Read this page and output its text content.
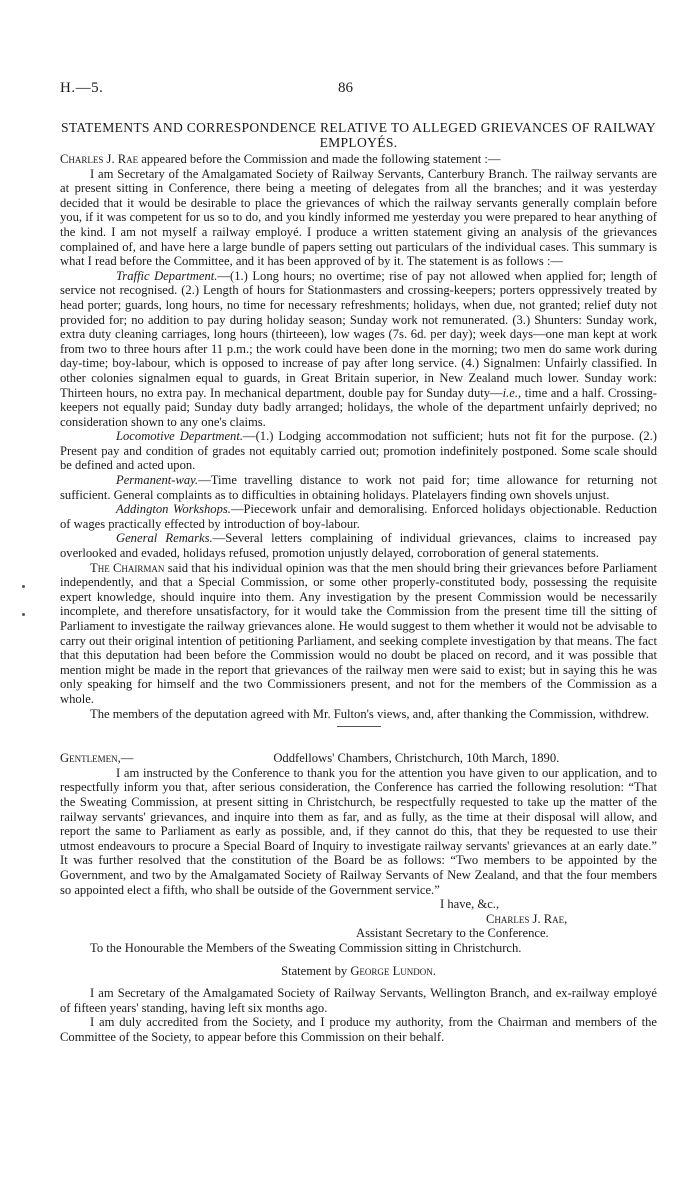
H.—5.	86
STATEMENTS AND CORRESPONDENCE RELATIVE TO ALLEGED GRIEVANCES OF RAILWAY EMPLOYÉS.

Charles J. Rae appeared before the Commission and made the following statement :—

I am Secretary of the Amalgamated Society of Railway Servants, Canterbury Branch. The railway servants are at present sitting in Conference, there being a meeting of delegates from all the branches; and it was yesterday decided that it would be desirable to place the grievances of which the railway servants generally complain before you, if it was competent for us so to do, and you kindly informed me yesterday you were prepared to hear anything of the kind. I am not myself a railway employé. I produce a written statement giving an analysis of the grievances complained of, and have here a large bundle of papers setting out particulars of the individual cases. This summary is what I read before the Committee, and it has been approved of by it. The statement is as follows :—

Traffic Department.—(1.) Long hours; no overtime; rise of pay not allowed when applied for; length of service not recognised. (2.) Length of hours for Stationmasters and crossing-keepers; porters oppressively treated by head porter; guards, long hours, no time for necessary refreshments; holidays, when due, not granted; relief duty not provided for; no addition to pay during holiday season; Sunday work not remunerated. (3.) Shunters: Sunday work, extra duty cleaning carriages, long hours (thirteeen), low wages (7s. 6d. per day); week days—one man kept at work from two to three hours after 11 p.m.; the work could have been done in the morning; two men do same work during day-time; boy-labour, which is opposed to increase of pay after long service. (4.) Signalmen: Unfairly classified. In other colonies signalmen equal to guards, in Great Britain superior, in New Zealand much lower. Sunday work: Thirteen hours, no extra pay. In mechanical department, double pay for Sunday duty—i.e., time and a half. Crossing-keepers not equally paid; Sunday duty badly arranged; holidays, the whole of the department unfairly deprived; no consideration shown to any one's claims.

Locomotive Department.—(1.) Lodging accommodation not sufficient; huts not fit for the purpose. (2.) Present pay and condition of grades not equitably carried out; promotion indefinitely postponed. Some scale should be defined and acted upon.

Permanent-way.—Time travelling distance to work not paid for; time allowance for returning not sufficient. General complaints as to difficulties in obtaining holidays. Platelayers finding own shovels unjust.

Addington Workshops.—Piecework unfair and demoralising. Enforced holidays objectionable. Reduction of wages practically effected by introduction of boy-labour.

General Remarks.—Several letters complaining of individual grievances, claims to increased pay overlooked and evaded, holidays refused, promotion unjustly delayed, corroboration of general statements.

The Chairman said that his individual opinion was that the men should bring their grievances before Parliament independently, and that a Special Commission, or some other properly-constituted body, possessing the requisite expert knowledge, should inquire into them. Any investigation by the present Commission would be necessarily incomplete, and therefore unsatisfactory, for it would take the Commission from the present time till the sitting of Parliament to investigate the railway grievances alone. He would suggest to them whether it would not be advisable to carry out their original intention of petitioning Parliament, and seeking complete investigation by that means. The fact that this deputation had been before the Commission would no doubt be placed on record, and it was possible that mention might be made in the report that grievances of the railway men were said to exist; but in saying this he was only speaking for himself and the two Commissioners present, and not for the members of the Commission as a whole.

The members of the deputation agreed with Mr. Fulton's views, and, after thanking the Commission, withdrew.

Gentlemen,—	Oddfellows' Chambers, Christchurch, 10th March, 1890.

I am instructed by the Conference to thank you for the attention you have given to our application, and to respectfully inform you that, after serious consideration, the Conference has carried the following resolution: “That the Sweating Commission, at present sitting in Christchurch, be respectfully requested to take up the matter of the railway servants' grievances, and inquire into them as far, and as fully, as the time at their disposal will allow, and report the same to Parliament as early as possible, and, if they cannot do this, that they be requested to use their utmost endeavours to procure a Special Board of Inquiry to investigate railway servants' grievances at an early date.” It was further resolved that the constitution of the Board be as follows: “Two members to be appointed by the Government, and two by the Amalgamated Society of Railway Servants of New Zealand, and that the four members so appointed elect a fifth, who shall be outside of the Government service.”

I have, &c.,

Charles J. Rae,

Assistant Secretary to the Conference.

To the Honourable the Members of the Sweating Commission sitting in Christchurch.

Statement by George Lundon.

I am Secretary of the Amalgamated Society of Railway Servants, Wellington Branch, and ex-railway employé of fifteen years' standing, having left six months ago.

I am duly accredited from the Society, and I produce my authority, from the Chairman and members of the Committee of the Society, to appear before this Commission on their behalf.
